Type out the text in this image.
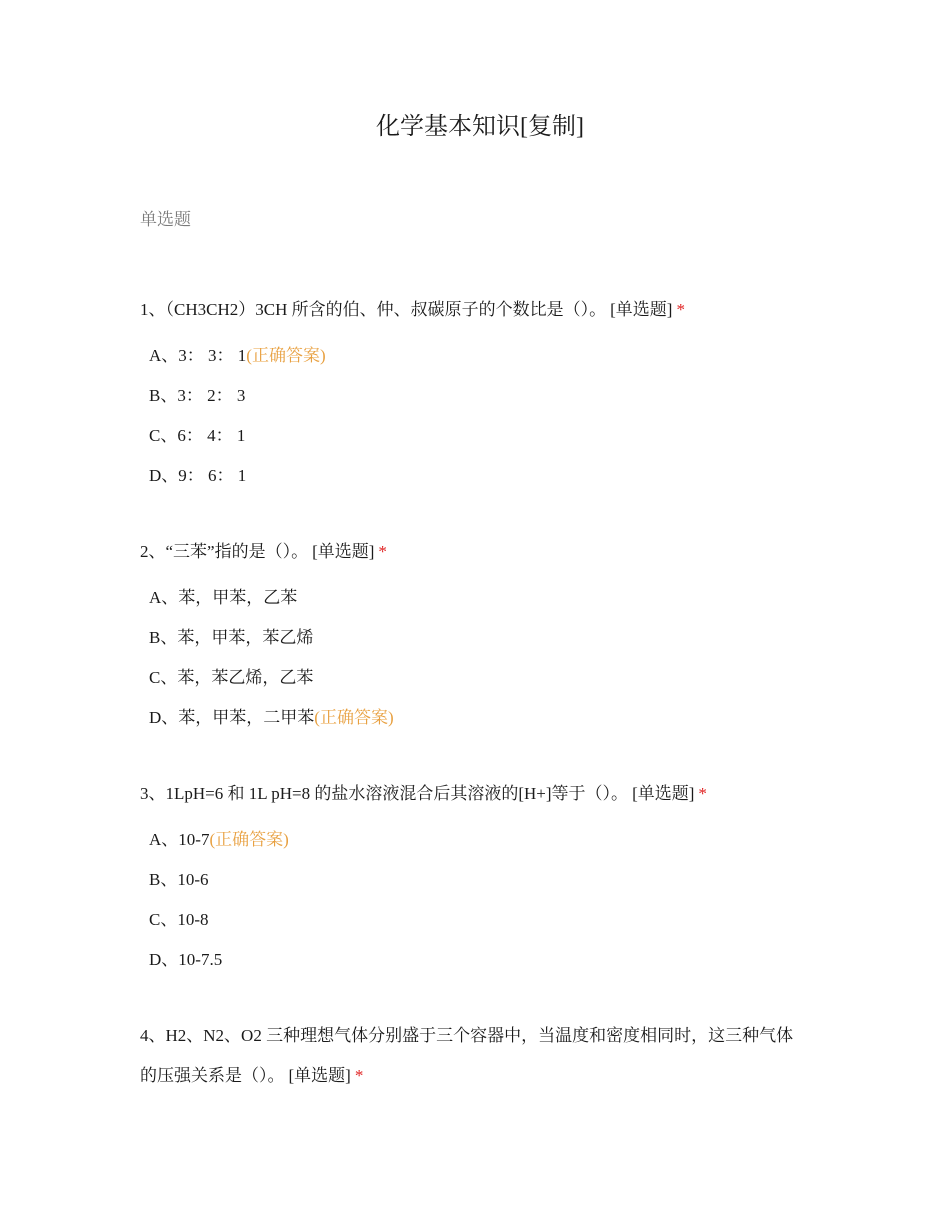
化学基本知识[复制]
单选题

1、（CH3CH2）3CH 所含的伯、仲、叔碳原子的个数比是（）。 [单选题] *

A、3： 3： 1(正确答案)
B、3： 2： 3
C、6： 4： 1
D、9： 6： 1

2、“三苯”指的是（）。 [单选题] *

A、苯，甲苯，乙苯
B、苯，甲苯，苯乙烯
C、苯，苯乙烯，乙苯
D、苯，甲苯，二甲苯(正确答案)

3、1LpH=6 和 1L pH=8 的盐水溶液混合后其溶液的[H+]等于（）。 [单选题] *

A、10-7(正确答案)
B、10-6
C、10-8
D、10-7.5

4、H2、N2、O2 三种理想气体分别盛于三个容器中，当温度和密度相同时，这三种气体的压强关系是（）。 [单选题] *
